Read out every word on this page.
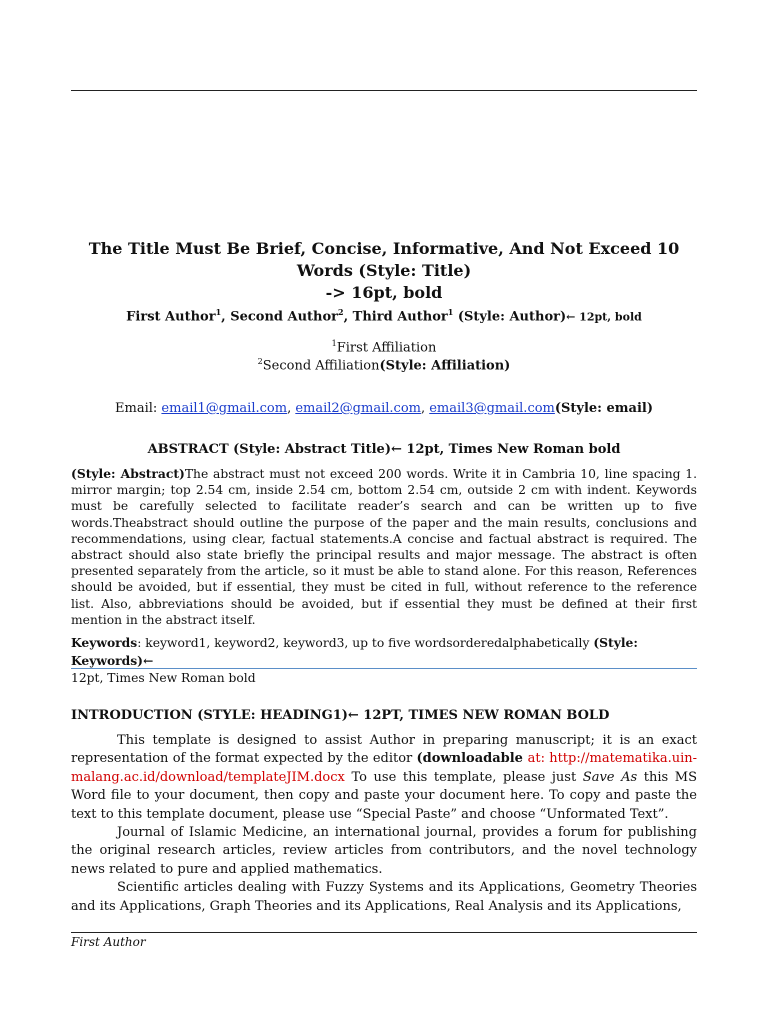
The Title Must Be Brief, Concise, Informative, And Not Exceed 10 Words (Style: Title)
-> 16pt, bold
First Author$^1$, Second Author$^2$, Third Author$^1$ (Style: Author)← 12pt, bold
$^1$First Affiliation
$^2$Second Affiliation(Style: Affiliation)
Email: email1@gmail.com, email2@gmail.com, email3@gmail.com(Style: email)
ABSTRACT (Style: Abstract Title)← 12pt, Times New Roman bold
(Style: Abstract)The abstract must not exceed 200 words. Write it in Cambria 10, line spacing 1. mirror margin; top 2.54 cm, inside 2.54 cm, bottom 2.54 cm, outside 2 cm with indent. Keywords must be carefully selected to facilitate reader’s search and can be written up to five words.Theabstract should outline the purpose of the paper and the main results, conclusions and recommendations, using clear, factual statements.A concise and factual abstract is required. The abstract should also state briefly the principal results and major message. The abstract is often presented separately from the article, so it must be able to stand alone. For this reason, References should be avoided, but if essential, they must be cited in full, without reference to the reference list. Also, abbreviations should be avoided, but if essential they must be defined at their first mention in the abstract itself.
Keywords: keyword1, keyword2, keyword3, up to five wordsorderedalphabetically (Style: Keywords)←
12pt, Times New Roman bold
INTRODUCTION (STYLE: HEADING1)← 12PT, TIMES NEW ROMAN BOLD

This template is designed to assist Author in preparing manuscript; it is an exact representation of the format expected by the editor (downloadable at: http://matematika.uin-malang.ac.id/download/templateJIM.docx To use this template, please just Save As this MS Word file to your document, then copy and paste your document here. To copy and paste the text to this template document, please use “Special Paste” and choose “Unformated Text”.

Journal of Islamic Medicine, an international journal, provides a forum for publishing the original research articles, review articles from contributors, and the novel technology news related to pure and applied mathematics.

Scientific articles dealing with Fuzzy Systems and its Applications, Geometry Theories and its Applications, Graph Theories and its Applications, Real Analysis and its Applications,

First Author
